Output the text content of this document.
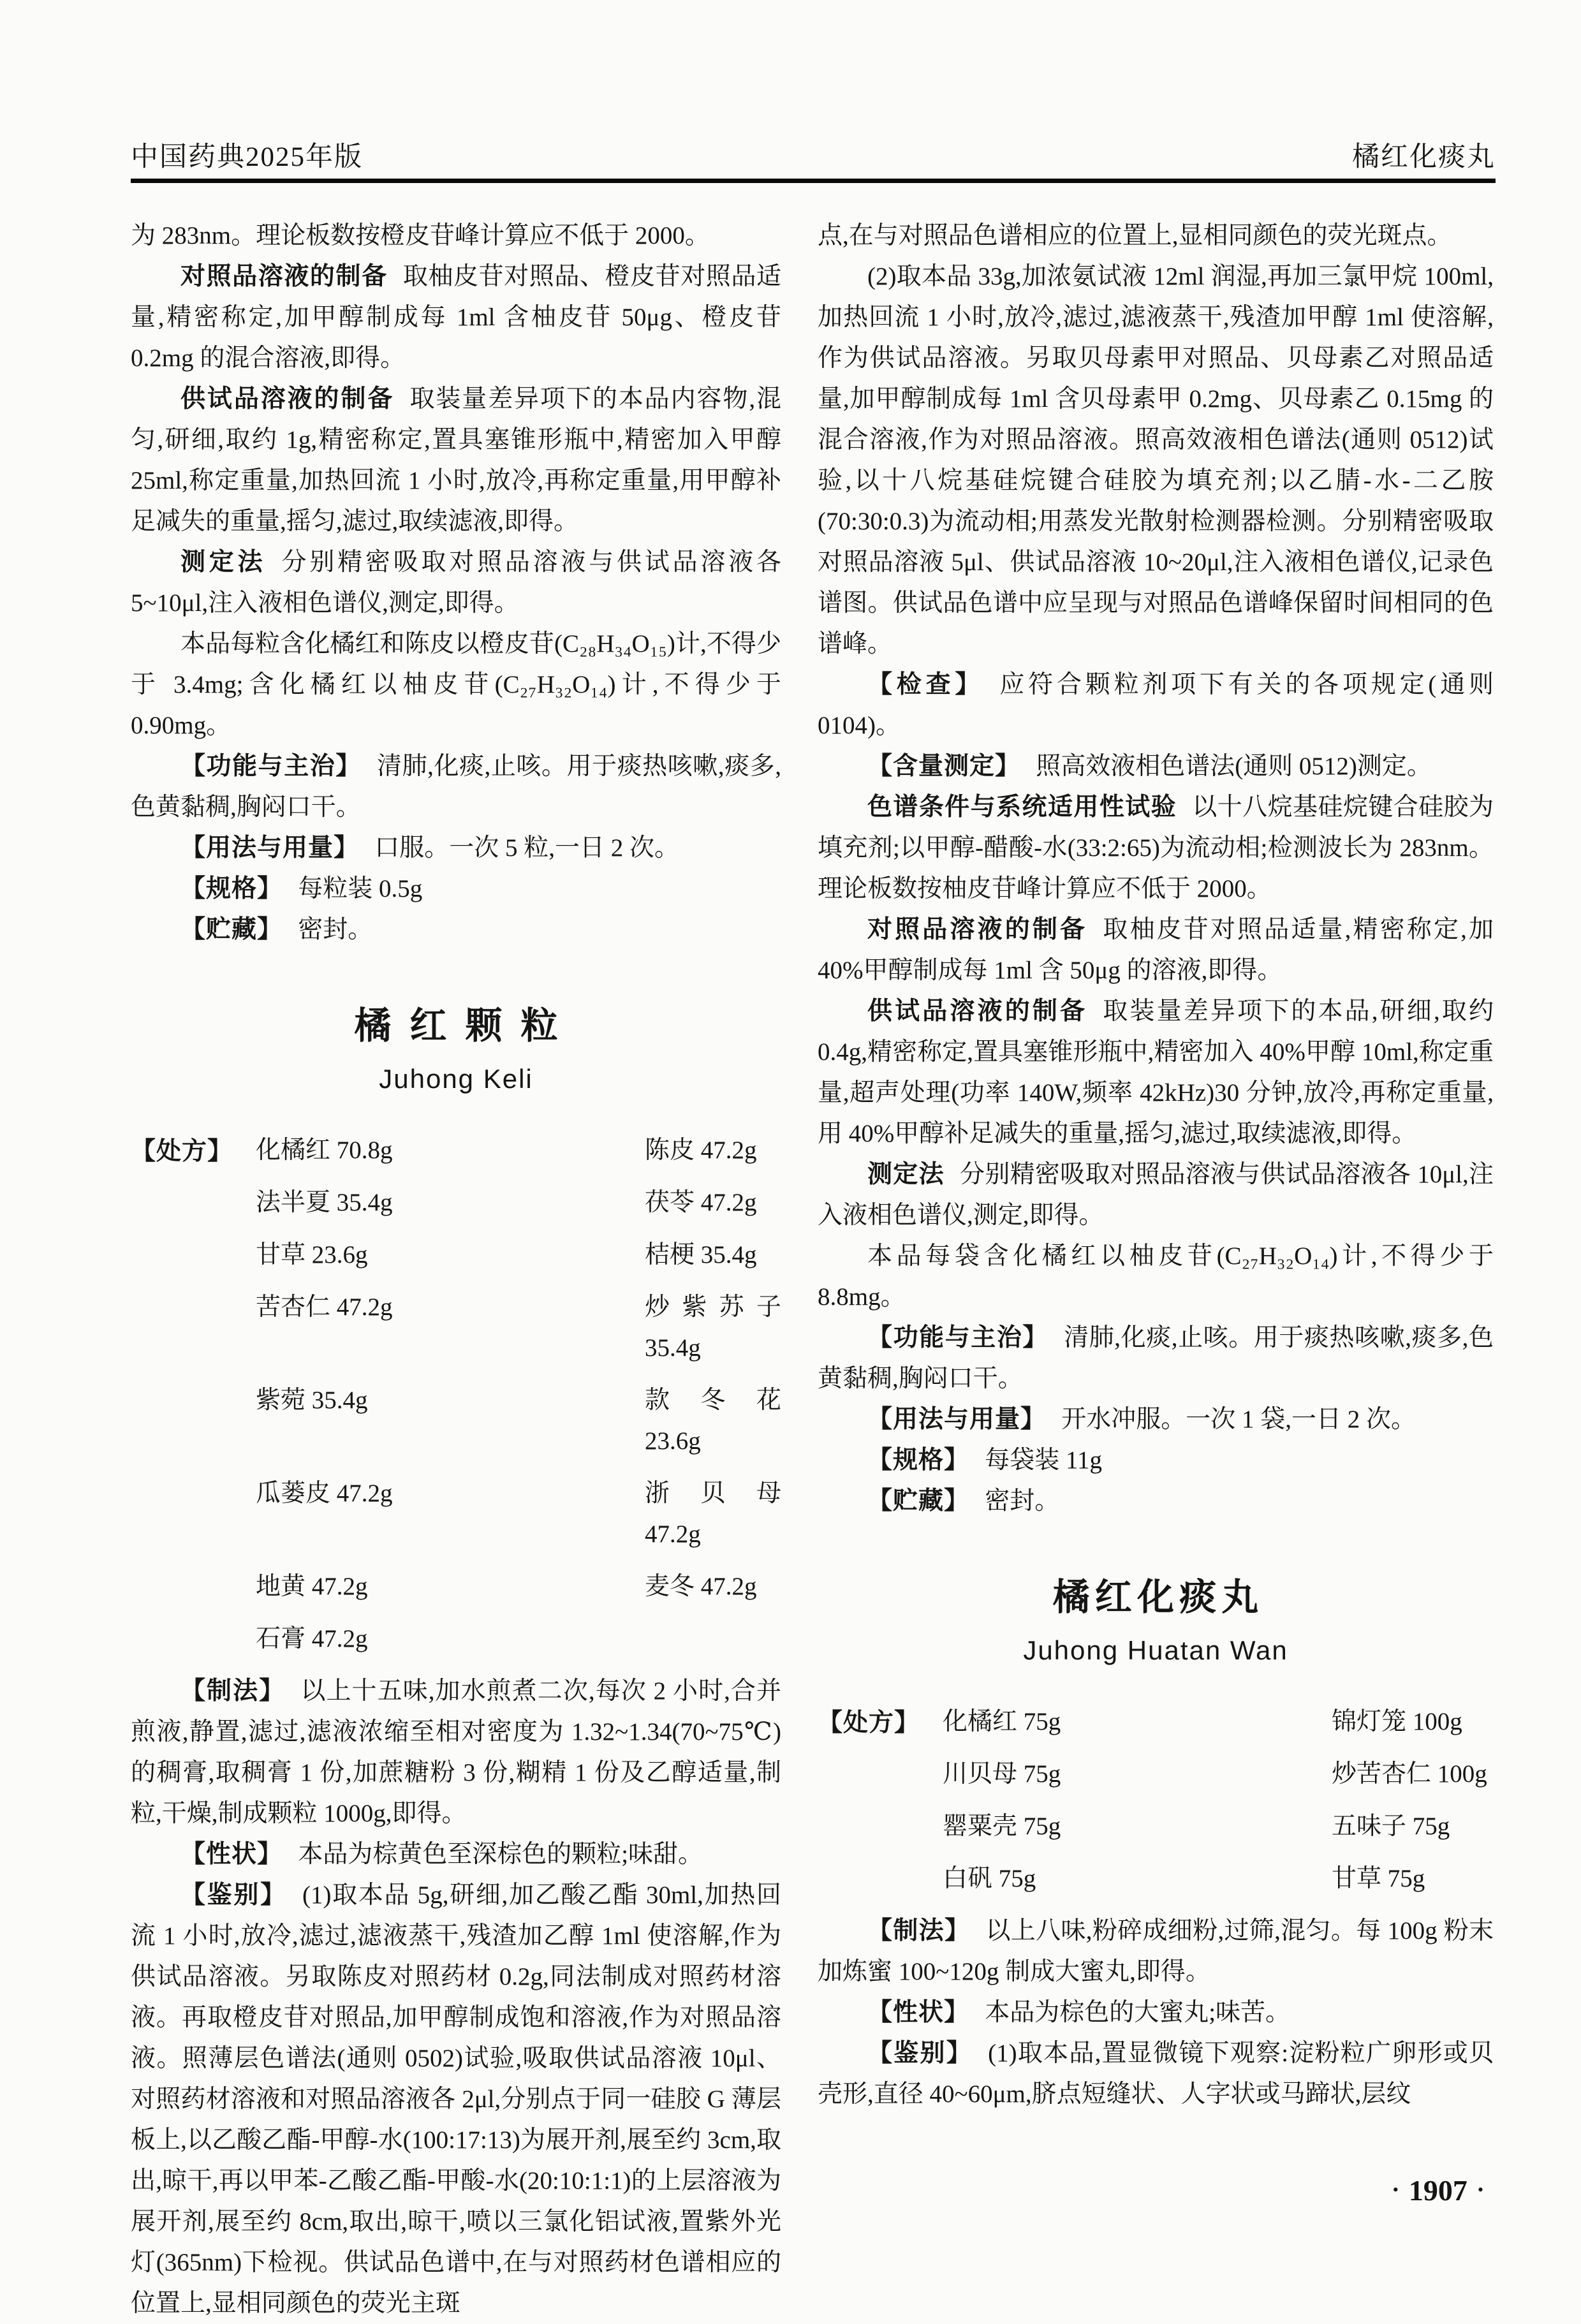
中国药典2025年版	橘红化痰丸

为 283nm。理论板数按橙皮苷峰计算应不低于 2000。

对照品溶液的制备 取柚皮苷对照品、橙皮苷对照品适量,精密称定,加甲醇制成每 1ml 含柚皮苷 50μg、橙皮苷 0.2mg 的混合溶液,即得。

供试品溶液的制备 取装量差异项下的本品内容物,混匀,研细,取约 1g,精密称定,置具塞锥形瓶中,精密加入甲醇 25ml,称定重量,加热回流 1 小时,放冷,再称定重量,用甲醇补足减失的重量,摇匀,滤过,取续滤液,即得。

测定法 分别精密吸取对照品溶液与供试品溶液各 5~10μl,注入液相色谱仪,测定,即得。

本品每粒含化橘红和陈皮以橙皮苷(C₂₈H₃₄O₁₅)计,不得少于 3.4mg;含化橘红以柚皮苷(C₂₇H₃₂O₁₄)计,不得少于 0.90mg。

【功能与主治】 清肺,化痰,止咳。用于痰热咳嗽,痰多,色黄黏稠,胸闷口干。

【用法与用量】 口服。一次 5 粒,一日 2 次。

【规格】 每粒装 0.5g

【贮藏】 密封。

橘红颗粒
Juhong Keli
【处方】 化橘红 70.8g	陈皮 47.2g
法半夏 35.4g	茯苓 47.2g
甘草 23.6g	桔梗 35.4g
苦杏仁 47.2g	炒紫苏子 35.4g
紫菀 35.4g	款冬花 23.6g
瓜蒌皮 47.2g	浙贝母 47.2g
地黄 47.2g	麦冬 47.2g
石膏 47.2g

【制法】 以上十五味,加水煎煮二次,每次 2 小时,合并煎液,静置,滤过,滤液浓缩至相对密度为 1.32~1.34(70~75℃)的稠膏,取稠膏 1 份,加蔗糖粉 3 份,糊精 1 份及乙醇适量,制粒,干燥,制成颗粒 1000g,即得。

【性状】 本品为棕黄色至深棕色的颗粒;味甜。

【鉴别】 (1)取本品 5g,研细,加乙酸乙酯 30ml,加热回流 1 小时,放冷,滤过,滤液蒸干,残渣加乙醇 1ml 使溶解,作为供试品溶液。另取陈皮对照药材 0.2g,同法制成对照药材溶液。再取橙皮苷对照品,加甲醇制成饱和溶液,作为对照品溶液。照薄层色谱法(通则 0502)试验,吸取供试品溶液 10μl、对照药材溶液和对照品溶液各 2μl,分别点于同一硅胶 G 薄层板上,以乙酸乙酯-甲醇-水(100:17:13)为展开剂,展至约 3cm,取出,晾干,再以甲苯-乙酸乙酯-甲酸-水(20:10:1:1)的上层溶液为展开剂,展至约 8cm,取出,晾干,喷以三氯化铝试液,置紫外光灯(365nm)下检视。供试品色谱中,在与对照药材色谱相应的位置上,显相同颜色的荧光主斑

点,在与对照品色谱相应的位置上,显相同颜色的荧光斑点。

(2)取本品 33g,加浓氨试液 12ml 润湿,再加三氯甲烷 100ml,加热回流 1 小时,放冷,滤过,滤液蒸干,残渣加甲醇 1ml 使溶解,作为供试品溶液。另取贝母素甲对照品、贝母素乙对照品适量,加甲醇制成每 1ml 含贝母素甲 0.2mg、贝母素乙 0.15mg 的混合溶液,作为对照品溶液。照高效液相色谱法(通则 0512)试验,以十八烷基硅烷键合硅胶为填充剂;以乙腈-水-二乙胺(70:30:0.3)为流动相;用蒸发光散射检测器检测。分别精密吸取对照品溶液 5μl、供试品溶液 10~20μl,注入液相色谱仪,记录色谱图。供试品色谱中应呈现与对照品色谱峰保留时间相同的色谱峰。

【检查】 应符合颗粒剂项下有关的各项规定(通则 0104)。

【含量测定】 照高效液相色谱法(通则 0512)测定。

色谱条件与系统适用性试验 以十八烷基硅烷键合硅胶为填充剂;以甲醇-醋酸-水(33:2:65)为流动相;检测波长为 283nm。理论板数按柚皮苷峰计算应不低于 2000。

对照品溶液的制备 取柚皮苷对照品适量,精密称定,加 40%甲醇制成每 1ml 含 50μg 的溶液,即得。

供试品溶液的制备 取装量差异项下的本品,研细,取约 0.4g,精密称定,置具塞锥形瓶中,精密加入 40%甲醇 10ml,称定重量,超声处理(功率 140W,频率 42kHz)30 分钟,放冷,再称定重量,用 40%甲醇补足减失的重量,摇匀,滤过,取续滤液,即得。

测定法 分别精密吸取对照品溶液与供试品溶液各 10μl,注入液相色谱仪,测定,即得。

本品每袋含化橘红以柚皮苷(C₂₇H₃₂O₁₄)计,不得少于 8.8mg。

【功能与主治】 清肺,化痰,止咳。用于痰热咳嗽,痰多,色黄黏稠,胸闷口干。

【用法与用量】 开水冲服。一次 1 袋,一日 2 次。

【规格】 每袋装 11g

【贮藏】 密封。

橘红化痰丸
Juhong Huatan Wan
【处方】 化橘红 75g	锦灯笼 100g
川贝母 75g	炒苦杏仁 100g
罂粟壳 75g	五味子 75g
白矾 75g	甘草 75g

【制法】 以上八味,粉碎成细粉,过筛,混匀。每 100g 粉末加炼蜜 100~120g 制成大蜜丸,即得。

【性状】 本品为棕色的大蜜丸;味苦。

【鉴别】 (1)取本品,置显微镜下观察:淀粉粒广卵形或贝壳形,直径 40~60μm,脐点短缝状、人字状或马蹄状,层纹

• 1907 •
